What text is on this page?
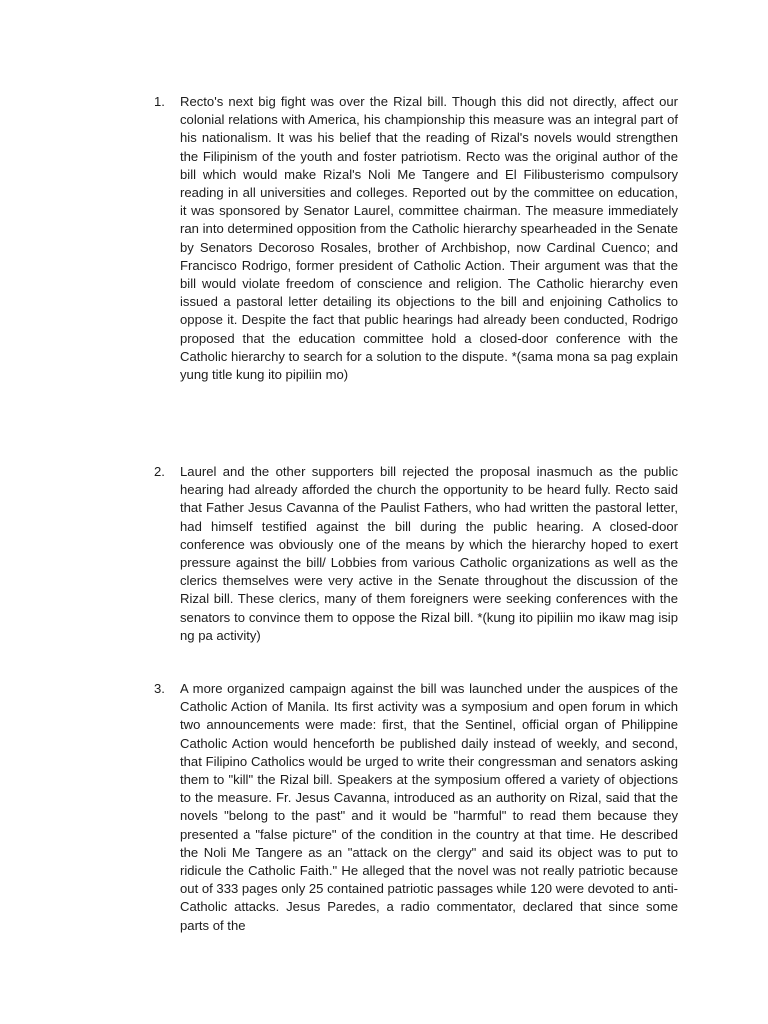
1.	Recto's next big fight was over the Rizal bill. Though this did not directly, affect our colonial relations with America, his championship this measure was an integral part of his nationalism. It was his belief that the reading of Rizal's novels would strengthen the Filipinism of the youth and foster patriotism. Recto was the original author of the bill which would make Rizal's Noli Me Tangere and El Filibusterismo compulsory reading in all universities and colleges. Reported out by the committee on education, it was sponsored by Senator Laurel, committee chairman. The measure immediately ran into determined opposition from the Catholic hierarchy spearheaded in the Senate by Senators Decoroso Rosales, brother of Archbishop, now Cardinal Cuenco; and Francisco Rodrigo, former president of Catholic Action. Their argument was that the bill would violate freedom of conscience and religion. The Catholic hierarchy even issued a pastoral letter detailing its objections to the bill and enjoining Catholics to oppose it. Despite the fact that public hearings had already been conducted, Rodrigo proposed that the education committee hold a closed-door conference with the Catholic hierarchy to search for a solution to the dispute. *(sama mona sa pag explain yung title kung ito pipiliin mo)

2.	Laurel and the other supporters bill rejected the proposal inasmuch as the public hearing had already afforded the church the opportunity to be heard fully. Recto said that Father Jesus Cavanna of the Paulist Fathers, who had written the pastoral letter, had himself testified against the bill during the public hearing. A closed-door conference was obviously one of the means by which the hierarchy hoped to exert pressure against the bill/ Lobbies from various Catholic organizations as well as the clerics themselves were very active in the Senate throughout the discussion of the Rizal bill. These clerics, many of them foreigners were seeking conferences with the senators to convince them to oppose the Rizal bill. *(kung ito pipiliin mo ikaw mag isip ng pa activity)

3.	A more organized campaign against the bill was launched under the auspices of the Catholic Action of Manila. Its first activity was a symposium and open forum in which two announcements were made: first, that the Sentinel, official organ of Philippine Catholic Action would henceforth be published daily instead of weekly, and second, that Filipino Catholics would be urged to write their congressman and senators asking them to "kill" the Rizal bill. Speakers at the symposium offered a variety of objections to the measure. Fr. Jesus Cavanna, introduced as an authority on Rizal, said that the novels "belong to the past" and it would be "harmful" to read them because they presented a "false picture" of the condition in the country at that time. He described the Noli Me Tangere as an "attack on the clergy" and said its object was to put to ridicule the Catholic Faith." He alleged that the novel was not really patriotic because out of 333 pages only 25 contained patriotic passages while 120 were devoted to anti-Catholic attacks. Jesus Paredes, a radio commentator, declared that since some parts of the
